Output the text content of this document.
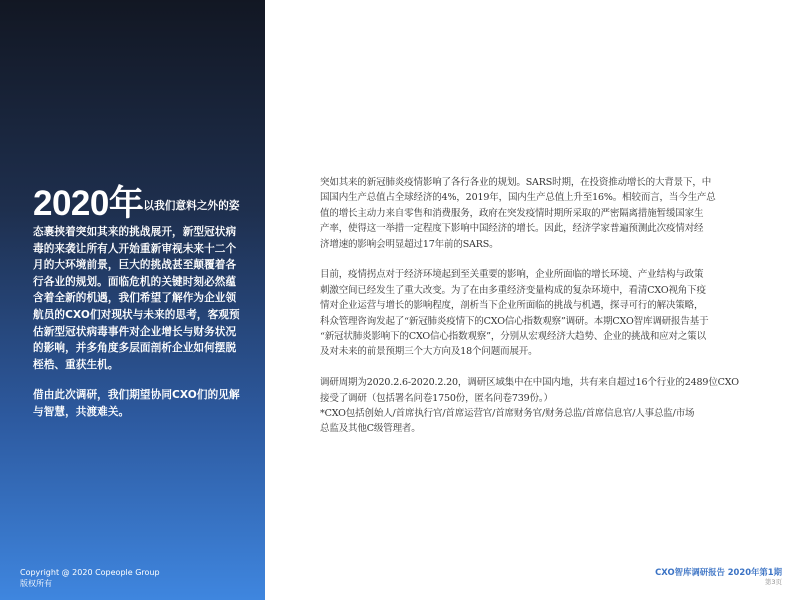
2020年以我们意料之外的姿态裹挟着突如其来的挑战展开，新型冠状病毒的来袭让所有人开始重新审视未来十二个月的大环境前景，巨大的挑战甚至颠覆着各行各业的规划。面临危机的关键时刻必然蕴含着全新的机遇，我们希望了解作为企业领航员的CXO们对现状与未来的思考，客观预估新型冠状病毒事件对企业增长与财务状况的影响，并多角度多层面剖析企业如何摆脱桎梏、重获生机。

借由此次调研，我们期望协同CXO们的见解与智慧，共渡难关。

Copyright @ 2020 Copeople Group
版权所有

突如其来的新冠肺炎疫情影响了各行各业的规划。SARS时期，在投资推动增长的大背景下，中
国国内生产总值占全球经济的4%，2019年，国内生产总值上升至16%。相较而言，当今生产总
值的增长主动力来自零售和消费服务，政府在突发疫情时期所采取的严密隔离措施暂缓国家生
产率，使得这一举措一定程度下影响中国经济的增长。因此，经济学家普遍预测此次疫情对经
济增速的影响会明显超过17年前的SARS。

目前，疫情拐点对于经济环境起到至关重要的影响，企业所面临的增长环境、产业结构与政策
刺激空间已经发生了重大改变。为了在由多重经济变量构成的复杂环境中，看清CXO视角下疫
情对企业运营与增长的影响程度，剖析当下企业所面临的挑战与机遇，探寻可行的解决策略，
科众管理咨询发起了“新冠肺炎疫情下的CXO信心指数观察”调研。本期CXO智库调研报告基于
“新冠状肺炎影响下的CXO信心指数观察”，分别从宏观经济大趋势、企业的挑战和应对之策以
及对未来的前景预期三个大方向及18个问题而展开。

调研周期为2020.2.6-2020.2.20，调研区域集中在中国内地，共有来自超过16个行业的2489位CXO
接受了调研（包括署名问卷1750份，匿名问卷739份。）
*CXO包括创始人/首席执行官/首席运营官/首席财务官/财务总监/首席信息官/人事总监/市场
总监及其他C级管理者。

CXO智库调研报告 2020年第1期
第3页
